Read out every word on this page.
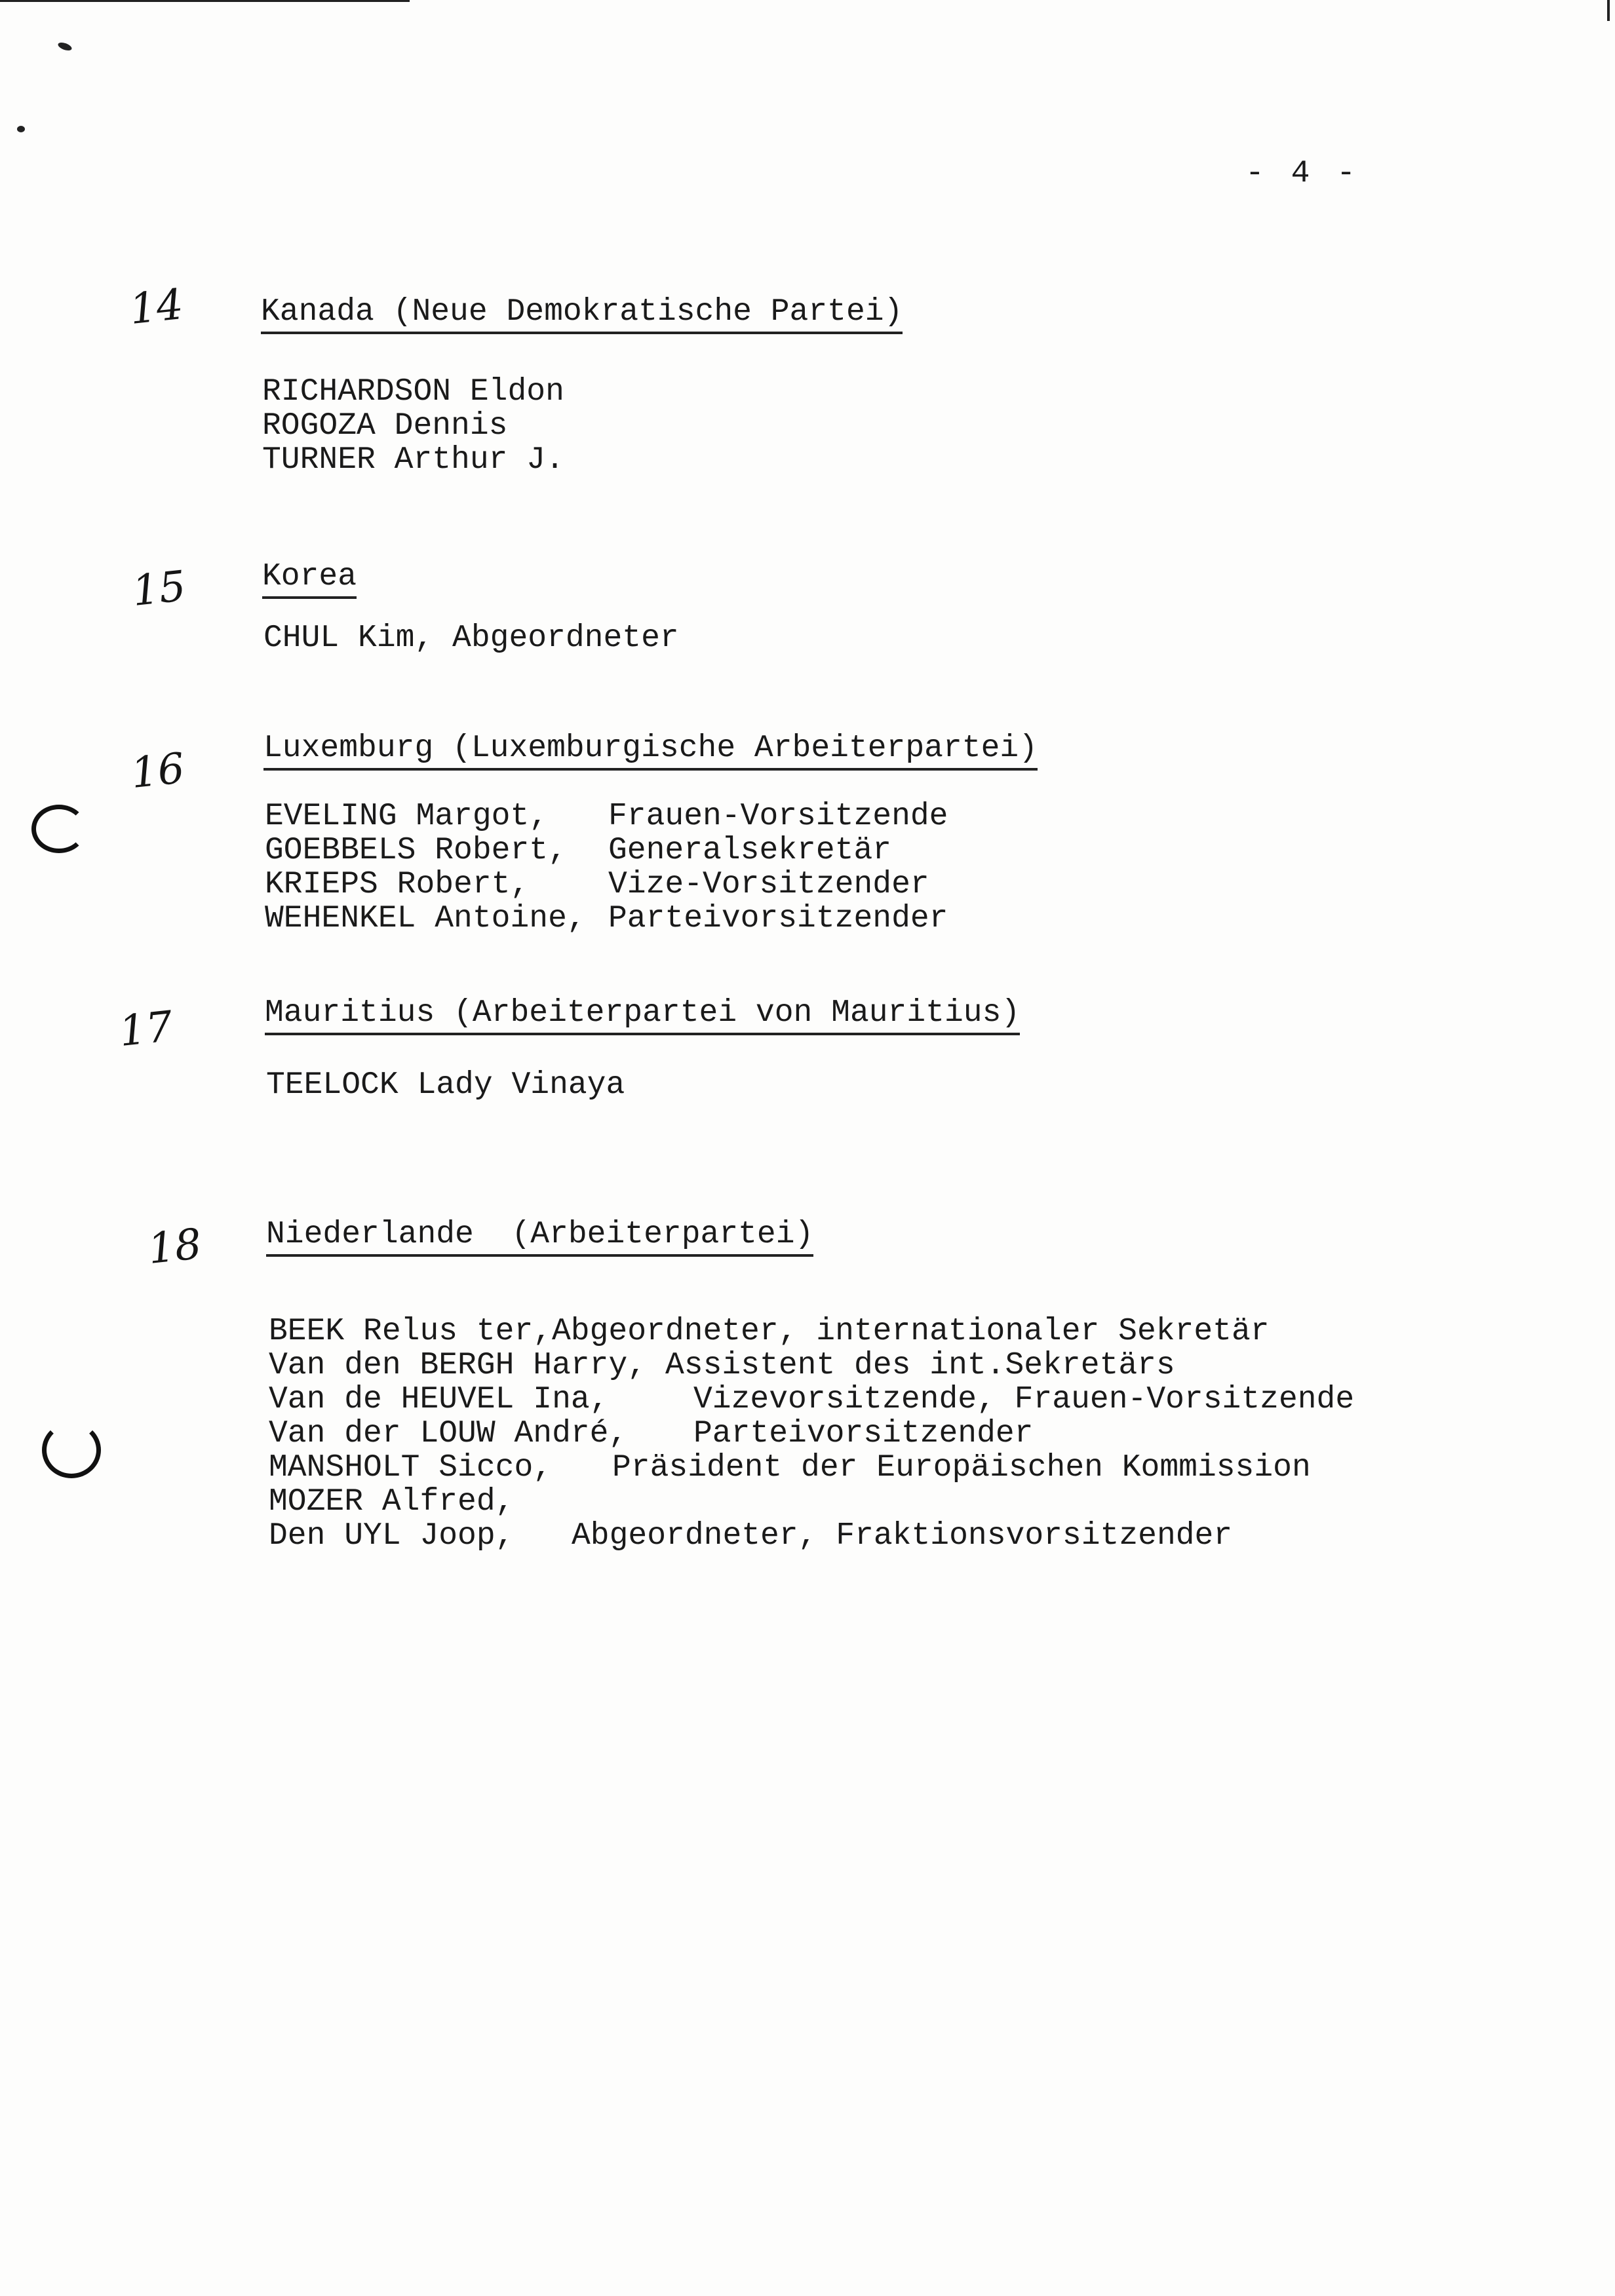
- 4 -
14 Kanada (Neue Demokratische Partei)
RICHARDSON Eldon
ROGOZA Dennis
TURNER Arthur J.
15 Korea
CHUL Kim, Abgeordneter
16 Luxemburg (Luxemburgische Arbeiterpartei)
EVELING Margot,	Frauen-Vorsitzende
GOEBBELS Robert,	Generalsekretär
KRIEPS Robert,	Vize-Vorsitzender
WEHENKEL Antoine, Parteivorsitzender
17	Mauritius (Arbeiterpartei von Mauritius)
TEELOCK Lady Vinaya
18 Niederlande  (Arbeiterpartei)
BEEK Relus ter, Abgeordneter, internationaler Sekretär
Van den BERGH Harry, Assistent des int.Sekretärs
Van de HEUVEL Ina,	Vizevorsitzende, Frauen-Vorsitzende
Van der LOUW André,	Parteivorsitzender
MANSHOLT Sicco,	Präsident der Europäischen Kommission
MOZER Alfred,
Den UYL Joop,	Abgeordneter, Fraktionsvorsitzender
